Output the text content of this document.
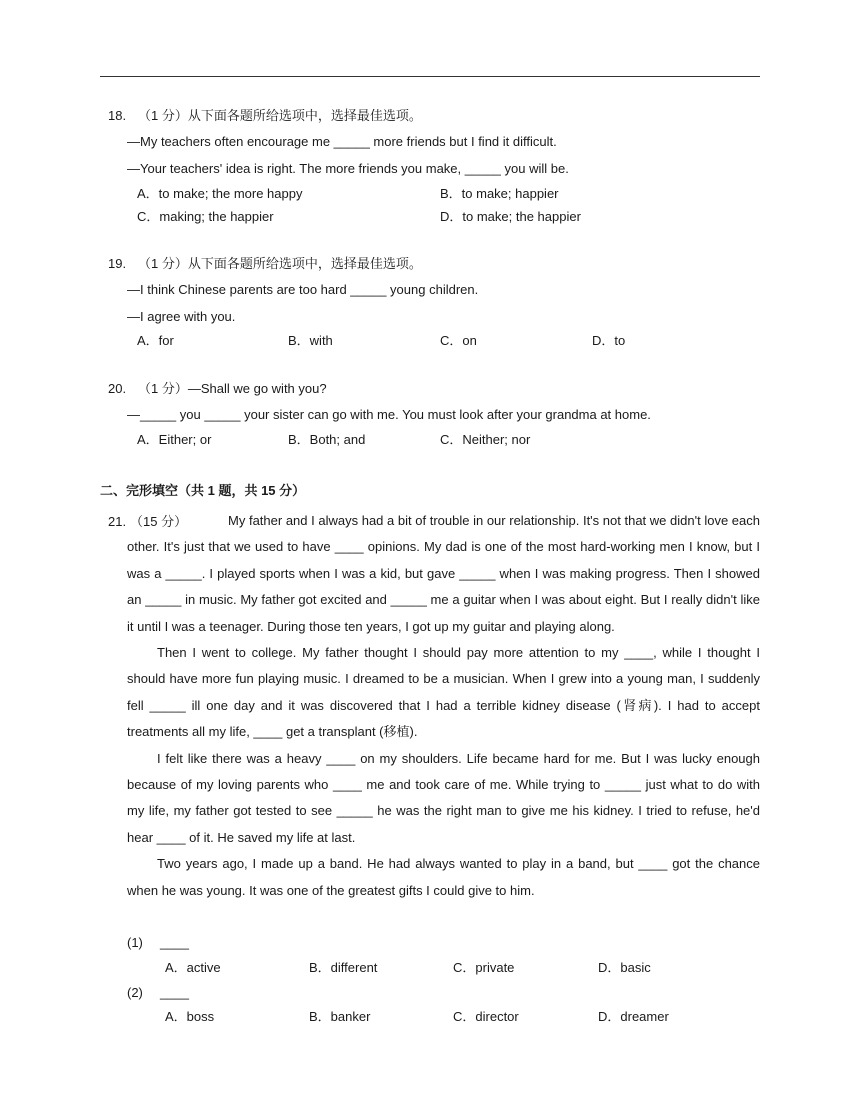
18. （1 分）从下面各题所给选项中，选择最佳选项。
—My teachers often encourage me _____ more friends but I find it difficult.
—Your teachers' idea is right. The more friends you make, _____ you will be.
A．to make; the more happy	B．to make; happier
C．making; the happier	D．to make; the happier
19. （1 分）从下面各题所给选项中，选择最佳选项。
—I think Chinese parents are too hard _____ young children.
—I agree with you.
A．for	B．with	C．on	D．to
20. （1 分）—Shall we go with you?
—_____ you _____ your sister can go with me. You must look after your grandma at home.
A．Either; or	B．Both; and	C．Neither; nor
二、完形填空（共 1 题，共 15 分）
21. （15 分）	My father and I always had a bit of trouble in our relationship. It's not that we didn't love each other. It's just that we used to have ____ opinions. My dad is one of the most hard-working men I know, but I was a _____. I played sports when I was a kid, but gave _____ when I was making progress. Then I showed an _____ in music. My father got excited and _____ me a guitar when I was about eight. But I really didn't like it until I was a teenager. During those ten years, I got up my guitar and playing along.

Then I went to college. My father thought I should pay more attention to my ____, while I thought I should have more fun playing music. I dreamed to be a musician. When I grew into a young man, I suddenly fell _____ ill one day and it was discovered that I had a terrible kidney disease (肾病). I had to accept treatments all my life, ____ get a transplant (移植).

I felt like there was a heavy ____ on my shoulders. Life became hard for me. But I was lucky enough because of my loving parents who ____ me and took care of me. While trying to _____ just what to do with my life, my father got tested to see _____ he was the right man to give me his kidney. I tried to refuse, he'd hear ____ of it. He saved my life at last.

Two years ago, I made up a band. He had always wanted to play in a band, but ____ got the chance when he was young. It was one of the greatest gifts I could give to him.

(1) ____
A．active	B．different	C．private	D．basic
(2) ____
A．boss	B．banker	C．director	D．dreamer
